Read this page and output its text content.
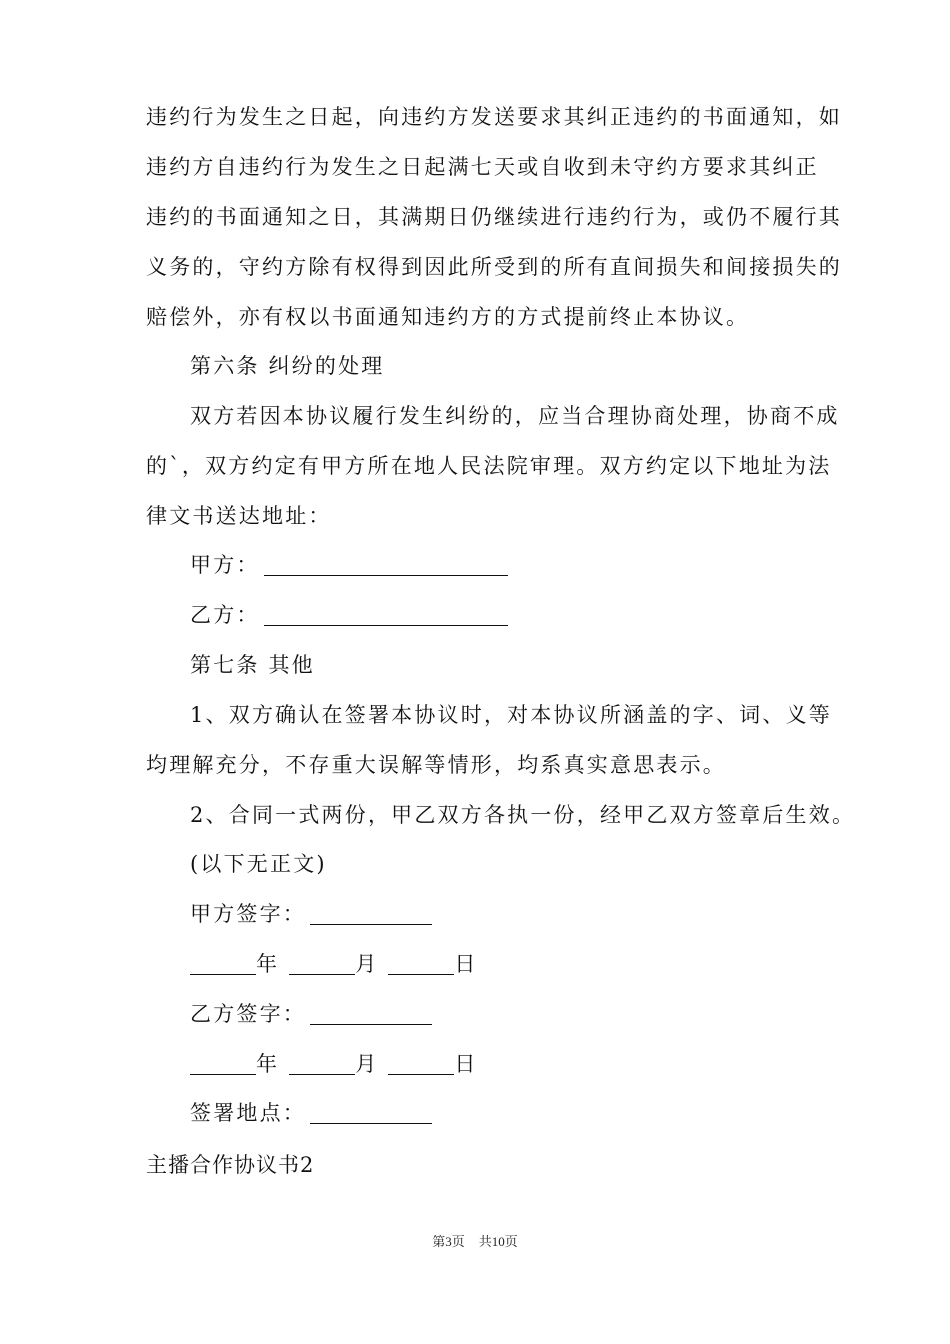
违约行为发生之日起，向违约方发送要求其纠正违约的书面通知，如
违约方自违约行为发生之日起满七天或自收到未守约方要求其纠正
违约的书面通知之日，其满期日仍继续进行违约行为，或仍不履行其
义务的，守约方除有权得到因此所受到的所有直间损失和间接损失的
赔偿外，亦有权以书面通知违约方的方式提前终止本协议。
第六条 纠纷的处理
双方若因本协议履行发生纠纷的，应当合理协商处理，协商不成
的`，双方约定有甲方所在地人民法院审理。双方约定以下地址为法
律文书送达地址：
甲方：
乙方：
第七条 其他
1、双方确认在签署本协议时，对本协议所涵盖的字、词、义等
均理解充分，不存重大误解等情形，均系真实意思表示。
2、合同一式两份，甲乙双方各执一份，经甲乙双方签章后生效。
(以下无正文)
甲方签字：
年	月	日
乙方签字：
年	月	日
签署地点：
主播合作协议书2
第3页 共10页
